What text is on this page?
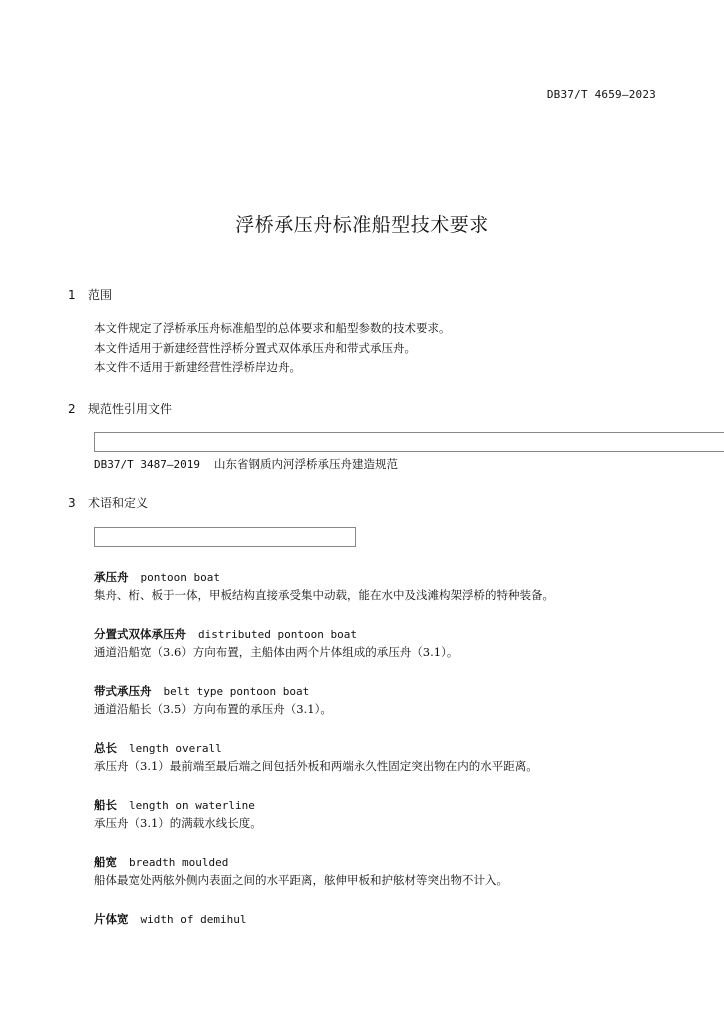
DB37/T 4659—2023
浮桥承压舟标准船型技术要求
1 范围
本文件规定了浮桥承压舟标准船型的总体要求和船型参数的技术要求。
本文件适用于新建经营性浮桥分置式双体承压舟和带式承压舟。
本文件不适用于新建经营性浮桥岸边舟。
2 规范性引用文件
DB37/T 3487—2019 山东省钢质内河浮桥承压舟建造规范
3 术语和定义
承压舟 pontoon boat
集舟、桁、板于一体，甲板结构直接承受集中动载，能在水中及浅滩构架浮桥的特种装备。
分置式双体承压舟 distributed pontoon boat
通道沿船宽（3.6）方向布置，主船体由两个片体组成的承压舟（3.1）。
带式承压舟 belt type pontoon boat
通道沿船长（3.5）方向布置的承压舟（3.1）。
总长 length overall
承压舟（3.1）最前端至最后端之间包括外板和两端永久性固定突出物在内的水平距离。
船长 length on waterline
承压舟（3.1）的满载水线长度。
船宽 breadth moulded
船体最宽处两舷外侧内表面之间的水平距离，舷伸甲板和护舷材等突出物不计入。
片体宽 width of demihul
